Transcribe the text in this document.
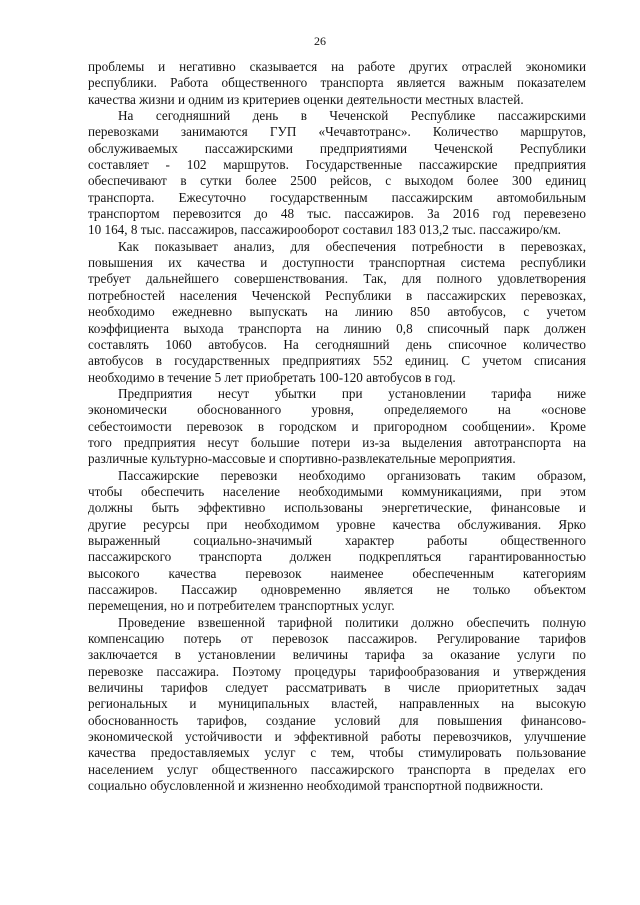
26
проблемы и негативно сказывается на работе других отраслей экономики
республики. Работа общественного транспорта является важным показателем
качества жизни и одним из критериев оценки деятельности местных властей.
На сегодняшний день в Чеченской Республике пассажирскими
перевозками занимаются ГУП «Чечавтотранс». Количество маршрутов,
обслуживаемых пассажирскими предприятиями Чеченской Республики
составляет - 102 маршрутов. Государственные пассажирские предприятия
обеспечивают в сутки более 2500 рейсов, с выходом более 300 единиц
транспорта. Ежесуточно государственным пассажирским автомобильным
транспортом перевозится до 48 тыс. пассажиров. За 2016 год перевезено
10 164, 8 тыс. пассажиров, пассажирооборот составил 183 013,2 тыс. пассажиро/км.
Как показывает анализ, для обеспечения потребности в перевозках,
повышения их качества и доступности транспортная система республики
требует дальнейшего совершенствования. Так, для полного удовлетворения
потребностей населения Чеченской Республики в пассажирских перевозках,
необходимо ежедневно выпускать на линию 850 автобусов, с учетом
коэффициента выхода транспорта на линию 0,8 списочный парк должен
составлять 1060 автобусов. На сегодняшний день списочное количество
автобусов в государственных предприятиях 552 единиц. С учетом списания
необходимо в течение 5 лет приобретать 100-120 автобусов в год.
Предприятия несут убытки при установлении тарифа ниже
экономически обоснованного уровня, определяемого на «основе
себестоимости перевозок в городском и пригородном сообщении». Кроме
того предприятия несут большие потери из-за выделения автотранспорта на
различные культурно-массовые и спортивно-развлекательные мероприятия.
Пассажирские перевозки необходимо организовать таким образом,
чтобы обеспечить население необходимыми коммуникациями, при этом
должны быть эффективно использованы энергетические, финансовые и
другие ресурсы при необходимом уровне качества обслуживания. Ярко
выраженный социально-значимый характер работы общественного
пассажирского транспорта должен подкрепляться гарантированностью
высокого качества перевозок наименее обеспеченным категориям
пассажиров. Пассажир одновременно является не только объектом
перемещения, но и потребителем транспортных услуг.
Проведение взвешенной тарифной политики должно обеспечить полную
компенсацию потерь от перевозок пассажиров. Регулирование тарифов
заключается в установлении величины тарифа за оказание услуги по
перевозке пассажира. Поэтому процедуры тарифообразования и утверждения
величины тарифов следует рассматривать в числе приоритетных задач
региональных и муниципальных властей, направленных на высокую
обоснованность тарифов, создание условий для повышения финансово-
экономической устойчивости и эффективной работы перевозчиков, улучшение
качества предоставляемых услуг с тем, чтобы стимулировать пользование
населением услуг общественного пассажирского транспорта в пределах его
социально обусловленной и жизненно необходимой транспортной подвижности.
